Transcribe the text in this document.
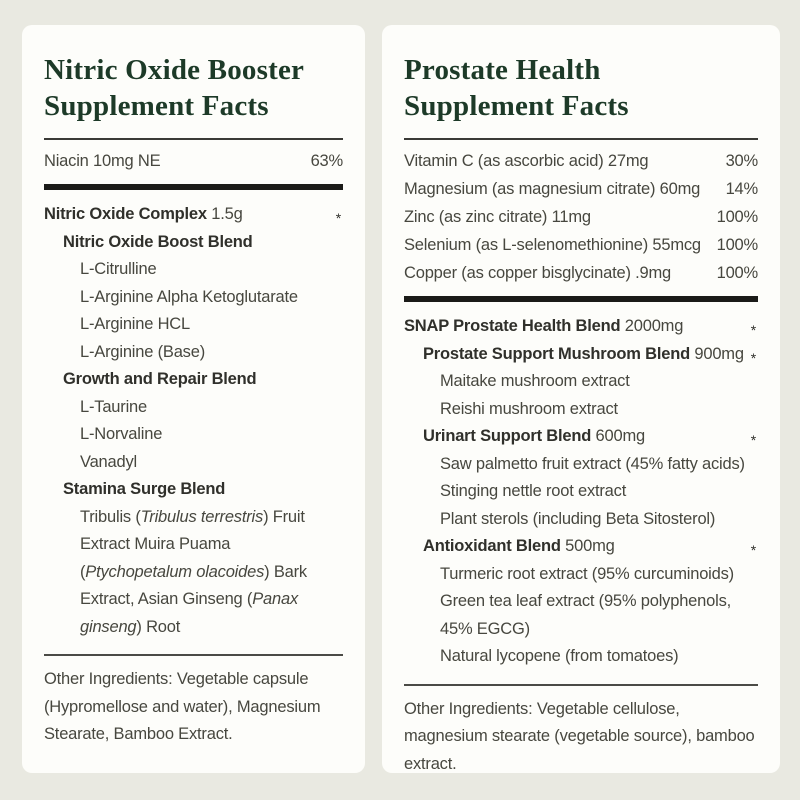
Nitric Oxide Booster
Supplement Facts
Niacin 10mg NE	63%
Nitric Oxide Complex 1.5g	*
Nitric Oxide Boost Blend
L-Citrulline
L-Arginine Alpha Ketoglutarate
L-Arginine HCL
L-Arginine (Base)
Growth and Repair Blend
L-Taurine
L-Norvaline
Vanadyl
Stamina Surge Blend
Tribulis (Tribulus terrestris) Fruit Extract Muira Puama (Ptychopetalum olacoides) Bark Extract, Asian Ginseng (Panax ginseng) Root

Other Ingredients: Vegetable capsule (Hypromellose and water), Magnesium Stearate, Bamboo Extract.

Prostate Health
Supplement Facts
Vitamin C (as ascorbic acid) 27mg	30%
Magnesium (as magnesium citrate) 60mg 14%
Zinc (as zinc citrate) 11mg	100%
Selenium (as L-selenomethionine) 55mcg 100%
Copper (as copper bisglycinate) .9mg	100%
SNAP Prostate Health Blend 2000mg	*
Prostate Support Mushroom Blend 900mg *
Maitake mushroom extract
Reishi mushroom extract
Urinart Support Blend 600mg	*
Saw palmetto fruit extract (45% fatty acids)
Stinging nettle root extract
Plant sterols (including Beta Sitosterol)
Antioxidant Blend 500mg	*
Turmeric root extract (95% curcuminoids)
Green tea leaf extract (95% polyphenols, 45% EGCG)
Natural lycopene (from tomatoes)

Other Ingredients: Vegetable cellulose, magnesium stearate (vegetable source), bamboo extract.
